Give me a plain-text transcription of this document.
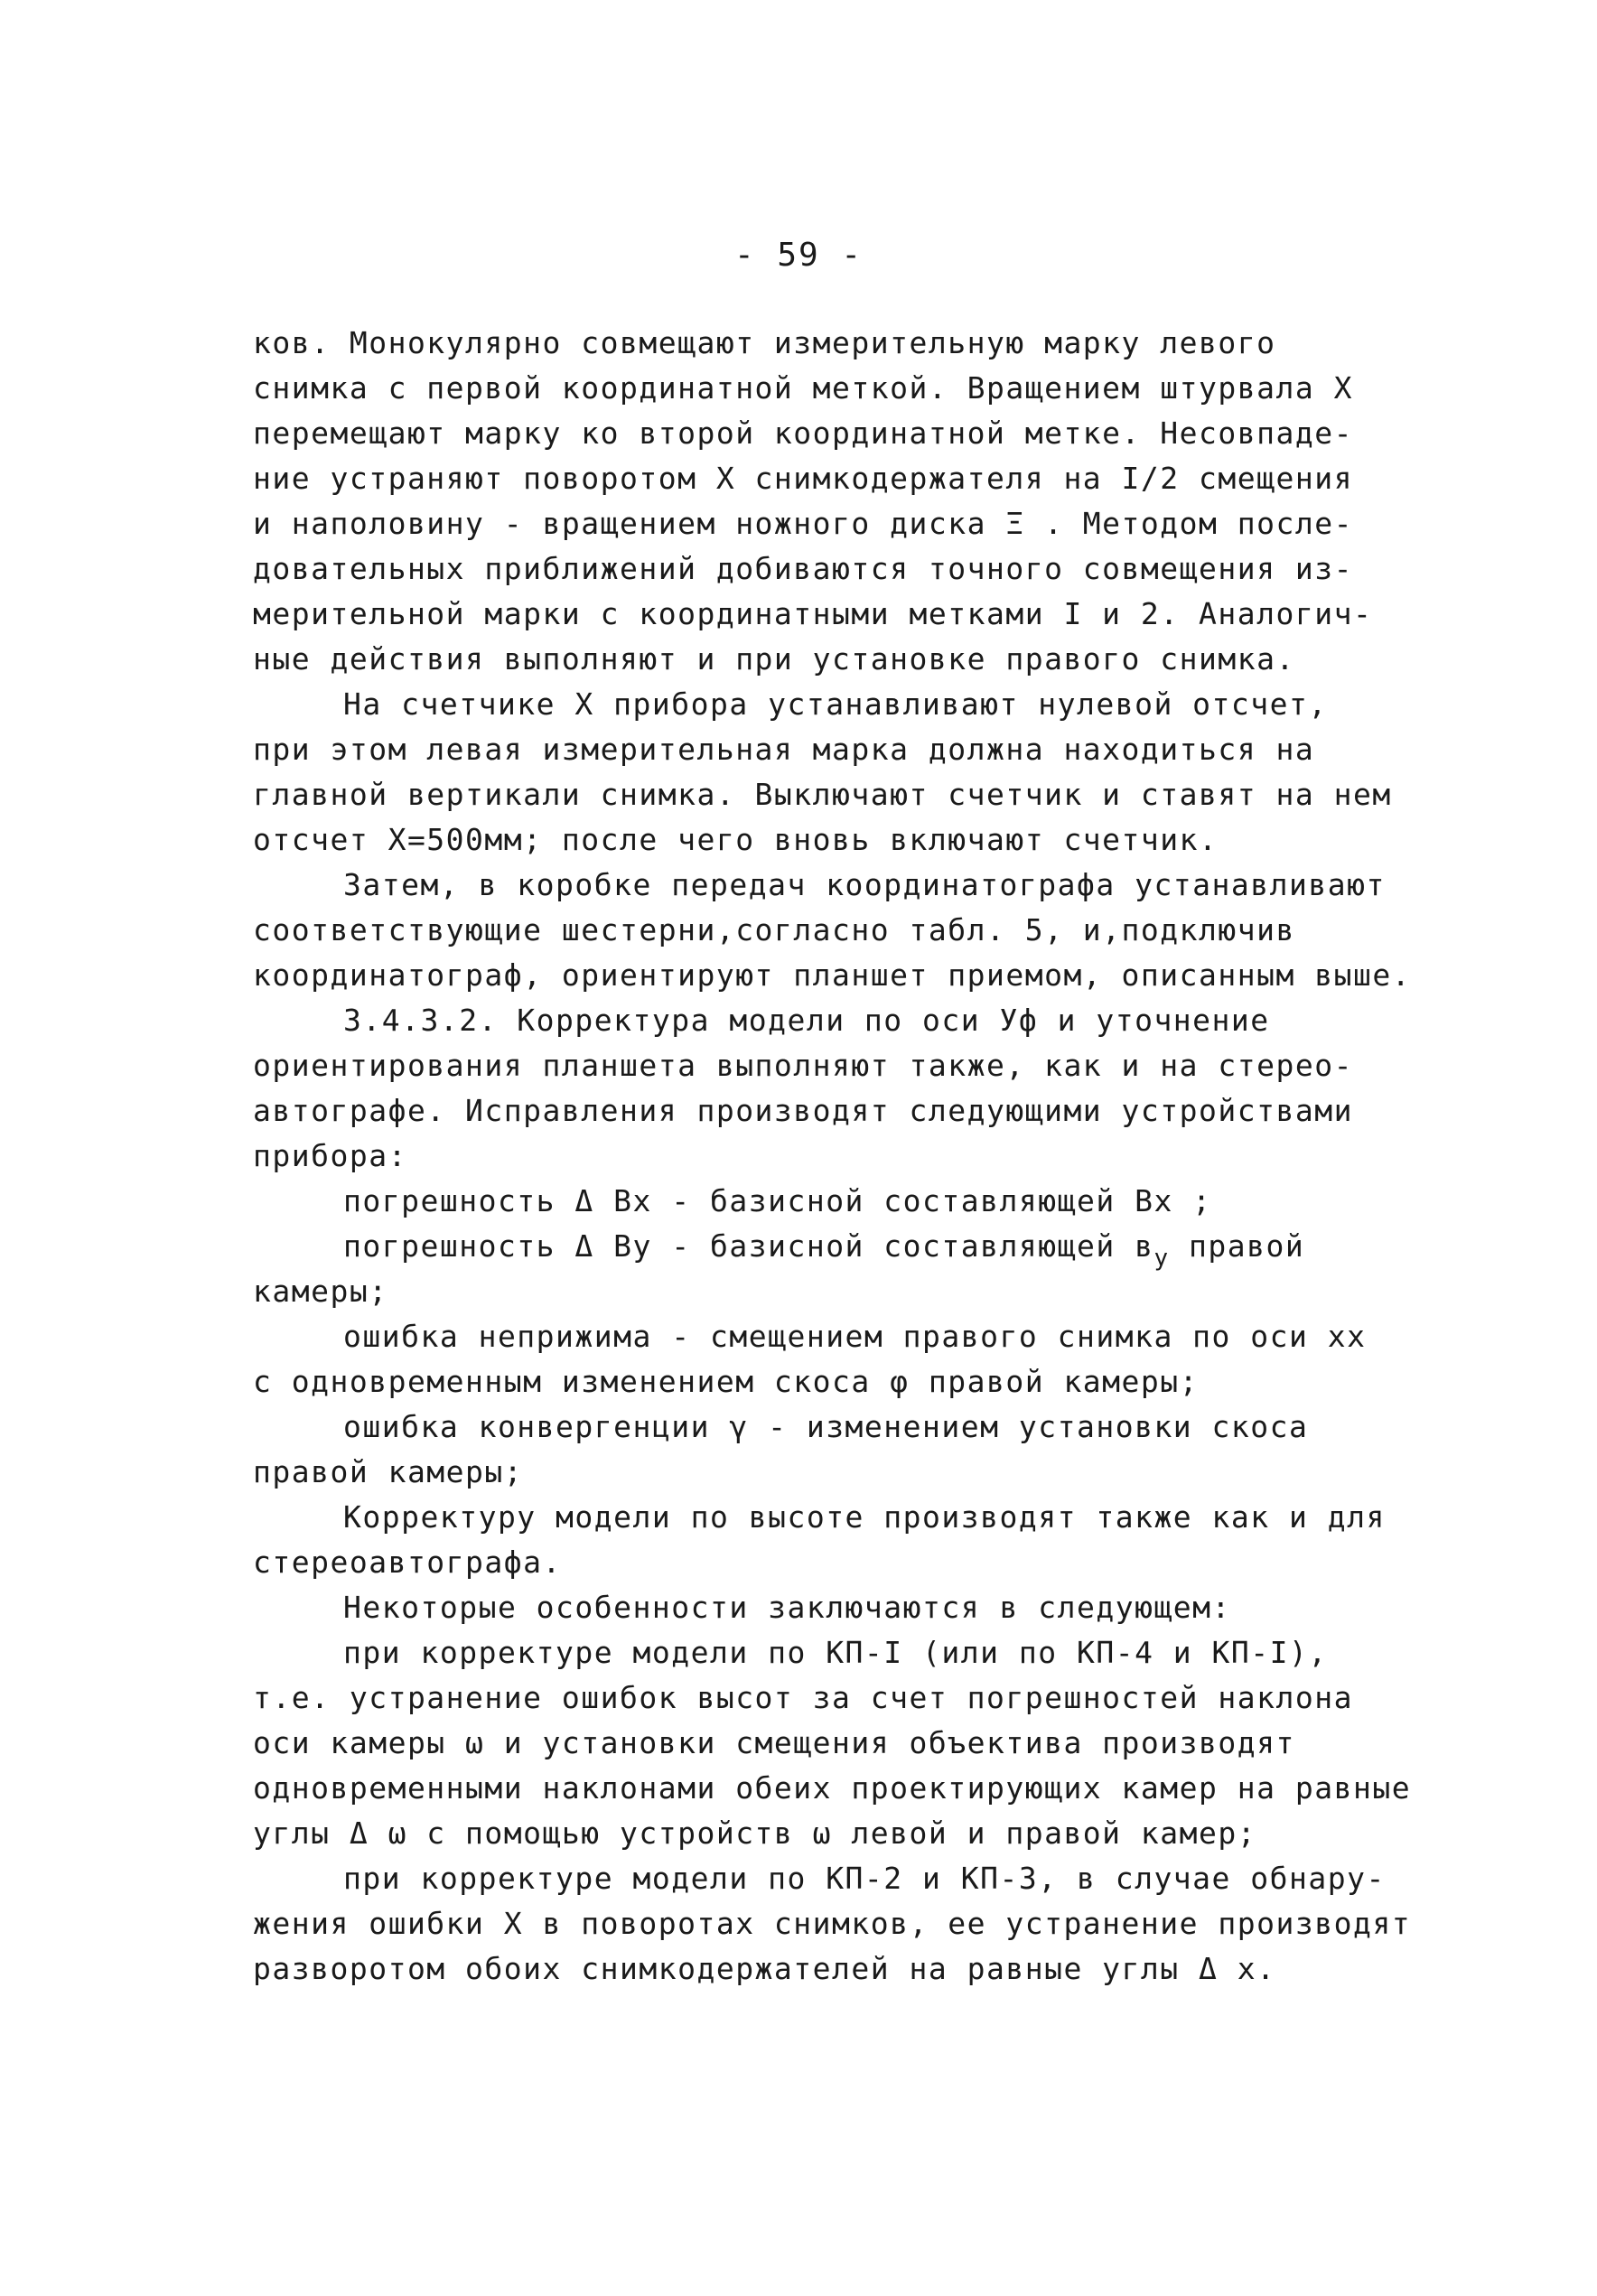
- 59 -
ков. Монокулярно совмещают измерительную марку левого
снимка с первой координатной меткой. Вращением штурвала X
перемещают марку ко второй координатной метке. Несовпаде-
ние устраняют поворотом X снимкодержателя на I/2 смещения
и наполовину - вращением ножного диска Ξ . Методом после-
довательных приближений добиваются точного совмещения из-
мерительной марки с координатными метками I и 2. Аналогич-
ные действия выполняют и при установке правого снимка.
На счетчике X прибора устанавливают нулевой отсчет,
при этом левая измерительная марка должна находиться на
главной вертикали снимка. Выключают счетчик и ставят на нем
отсчет X=500мм; после чего вновь включают счетчик.
Затем, в коробке передач координатографа устанавливают
соответствующие шестерни,согласно табл. 5, и,подключив
координатограф, ориентируют планшет приемом, описанным выше.
3.4.3.2. Корректура модели по оси Уф и уточнение
ориентирования планшета выполняют также, как и на стерео-
автографе. Исправления производят следующими устройствами
прибора:
погрешность Δ Bx - базисной составляющей Bx ;
погрешность Δ By - базисной составляющей $в_у$ правой
камеры;
ошибка неприжима - смещением правого снимка по оси xx
с одновременным изменением скоса φ правой камеры;
ошибка конвергенции γ - изменением установки скоса
правой камеры;
Корректуру модели по высоте производят также как и для
стереоавтографа.
Некоторые особенности заключаются в следующем:
при корректуре модели по КП-I (или по КП-4 и КП-I),
т.е. устранение ошибок высот за счет погрешностей наклона
оси камеры ω и установки смещения объектива производят
одновременными наклонами обеих проектирующих камер на равные
углы Δ ω с помощью устройств ω левой и правой камер;
при корректуре модели по КП-2 и КП-3, в случае обнару-
жения ошибки X в поворотах снимков, ее устранение производят
разворотом обоих снимкодержателей на равные углы Δ x.
